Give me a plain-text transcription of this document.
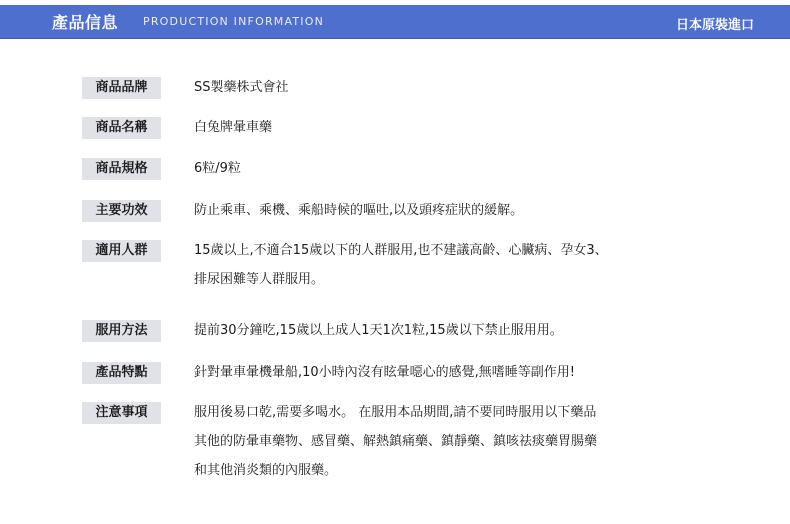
產品信息 PRODUCTION INFORMATION	日本原裝進口
商品品牌	SS製藥株式會社
商品名稱	白兔牌暈車藥
商品規格	6粒/9粒
主要功效	防止乘車、乘機、乘船時候的嘔吐,以及頭疼症狀的緩解。
適用人群	15歲以上,不適合15歲以下的人群服用,也不建議高齡、心臟病、孕女3、
排尿困難等人群服用。
服用方法	提前30分鐘吃,15歲以上成人1天1次1粒,15歲以下禁止服用用。
產品特點	針對暈車暈機暈船,10小時內沒有眩暈噁心的感覺,無嗜睡等副作用!
注意事項	服用後易口乾,需要多喝水。 在服用本品期間,請不要同時服用以下藥品
其他的防暈車藥物、感冒藥、解熱鎮痛藥、鎮靜藥、鎮咳祛痰藥胃腸藥
和其他消炎類的內服藥。
